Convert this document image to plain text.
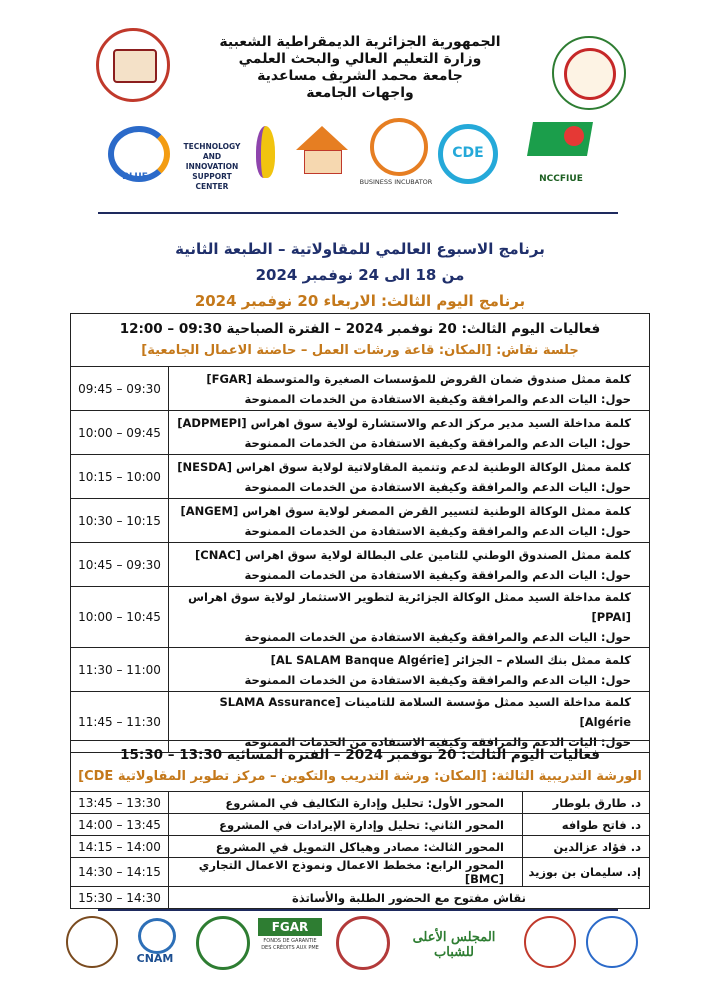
الجمهورية الجزائرية الديمقراطية الشعبية
وزارة التعليم العالي والبحث العلمي
جامعة محمد الشريف مساعدية
واجهات الجامعة
BLUE
TECHNOLOGY AND INNOVATION SUPPORT CENTER	BUSINESS INCUBATOR
CDE
NCCFIUE
برنامج الاسبوع العالمي للمقاولاتية – الطبعة الثانية
من 18 الى 24 نوفمبر 2024
برنامج اليوم الثالث: الاربعاء 20 نوفمبر 2024
فعاليات اليوم الثالث: 20 نوفمبر 2024 – الفترة الصباحية 09:30 – 12:00
جلسة نقاش: [المكان: قاعة ورشات العمل – حاضنة الاعمال الجامعية]	

كلمة ممثل صندوق ضمان القروض للمؤسسات الصغيرة والمتوسطة [FGAR]
حول: اليات الدعم والمرافقة وكيفية الاستفادة من الخدمات الممنوحة	09:45 – 09:30

كلمة مداخلة السيد مدير مركز الدعم والاستشارة لولاية سوق اهراس [ADPMEPI]
حول: اليات الدعم والمرافقة وكيفية الاستفادة من الخدمات الممنوحة	10:00 – 09:45

كلمة ممثل الوكالة الوطنية لدعم وتنمية المقاولاتية لولاية سوق اهراس [NESDA]
حول: اليات الدعم والمرافقة وكيفية الاستفادة من الخدمات الممنوحة	10:15 – 10:00

كلمة ممثل الوكالة الوطنية لتسيير القرض المصغر لولاية سوق اهراس [ANGEM]
حول: اليات الدعم والمرافقة وكيفية الاستفادة من الخدمات الممنوحة	10:30 – 10:15

كلمة ممثل الصندوق الوطني للتامين على البطالة لولاية سوق اهراس [CNAC]
حول: اليات الدعم والمرافقة وكيفية الاستفادة من الخدمات الممنوحة	10:45 – 09:30

كلمة مداخلة السيد ممثل الوكالة الجزائرية لتطوير الاستثمار لولاية سوق اهراس [PPAI]
حول: اليات الدعم والمرافقة وكيفية الاستفادة من الخدمات الممنوحة	10:00 – 10:45

كلمة ممثل بنك السلام – الجزائر [AL SALAM Banque Algérie]
حول: اليات الدعم والمرافقة وكيفية الاستفادة من الخدمات الممنوحة	11:30 – 11:00

كلمة مداخلة السيد ممثل مؤسسة السلامة للتامينات [SLAMA Assurance Algérie]
حول: اليات الدعم والمرافقة وكيفية الاستفادة من الخدمات الممنوحة	11:45 – 11:30
فعاليات اليوم الثالث: 20 نوفمبر 2024 – الفترة المسائية 13:30 – 15:30
الورشة التدريبية الثالثة: [المكان: ورشة التدريب والتكوين – مركز تطوير المقاولاتية CDE]		

د. طارق بلوطار	المحور الأول: تحليل وإدارة التكاليف في المشروع	13:45 – 13:30
د. فاتح طوافه	المحور الثاني: تحليل وإدارة الإيرادات في المشروع	14:00 – 13:45
د. فؤاد عزالدين	المحور الثالث: مصادر وهياكل التمويل في المشروع	14:15 – 14:00
إد. سليمان بن بوزيد	المحور الرابع: مخطط الاعمال ونموذج الاعمال التجاري [BMC]	14:30 – 14:15
نقاش مفتوح مع الحضور الطلبة والأساتذة		15:30 – 14:30
CNAM
FGAR
FONDS DE GARANTIE DES CRÉDITS AUX PME
المجلس الأعلى للشباب
